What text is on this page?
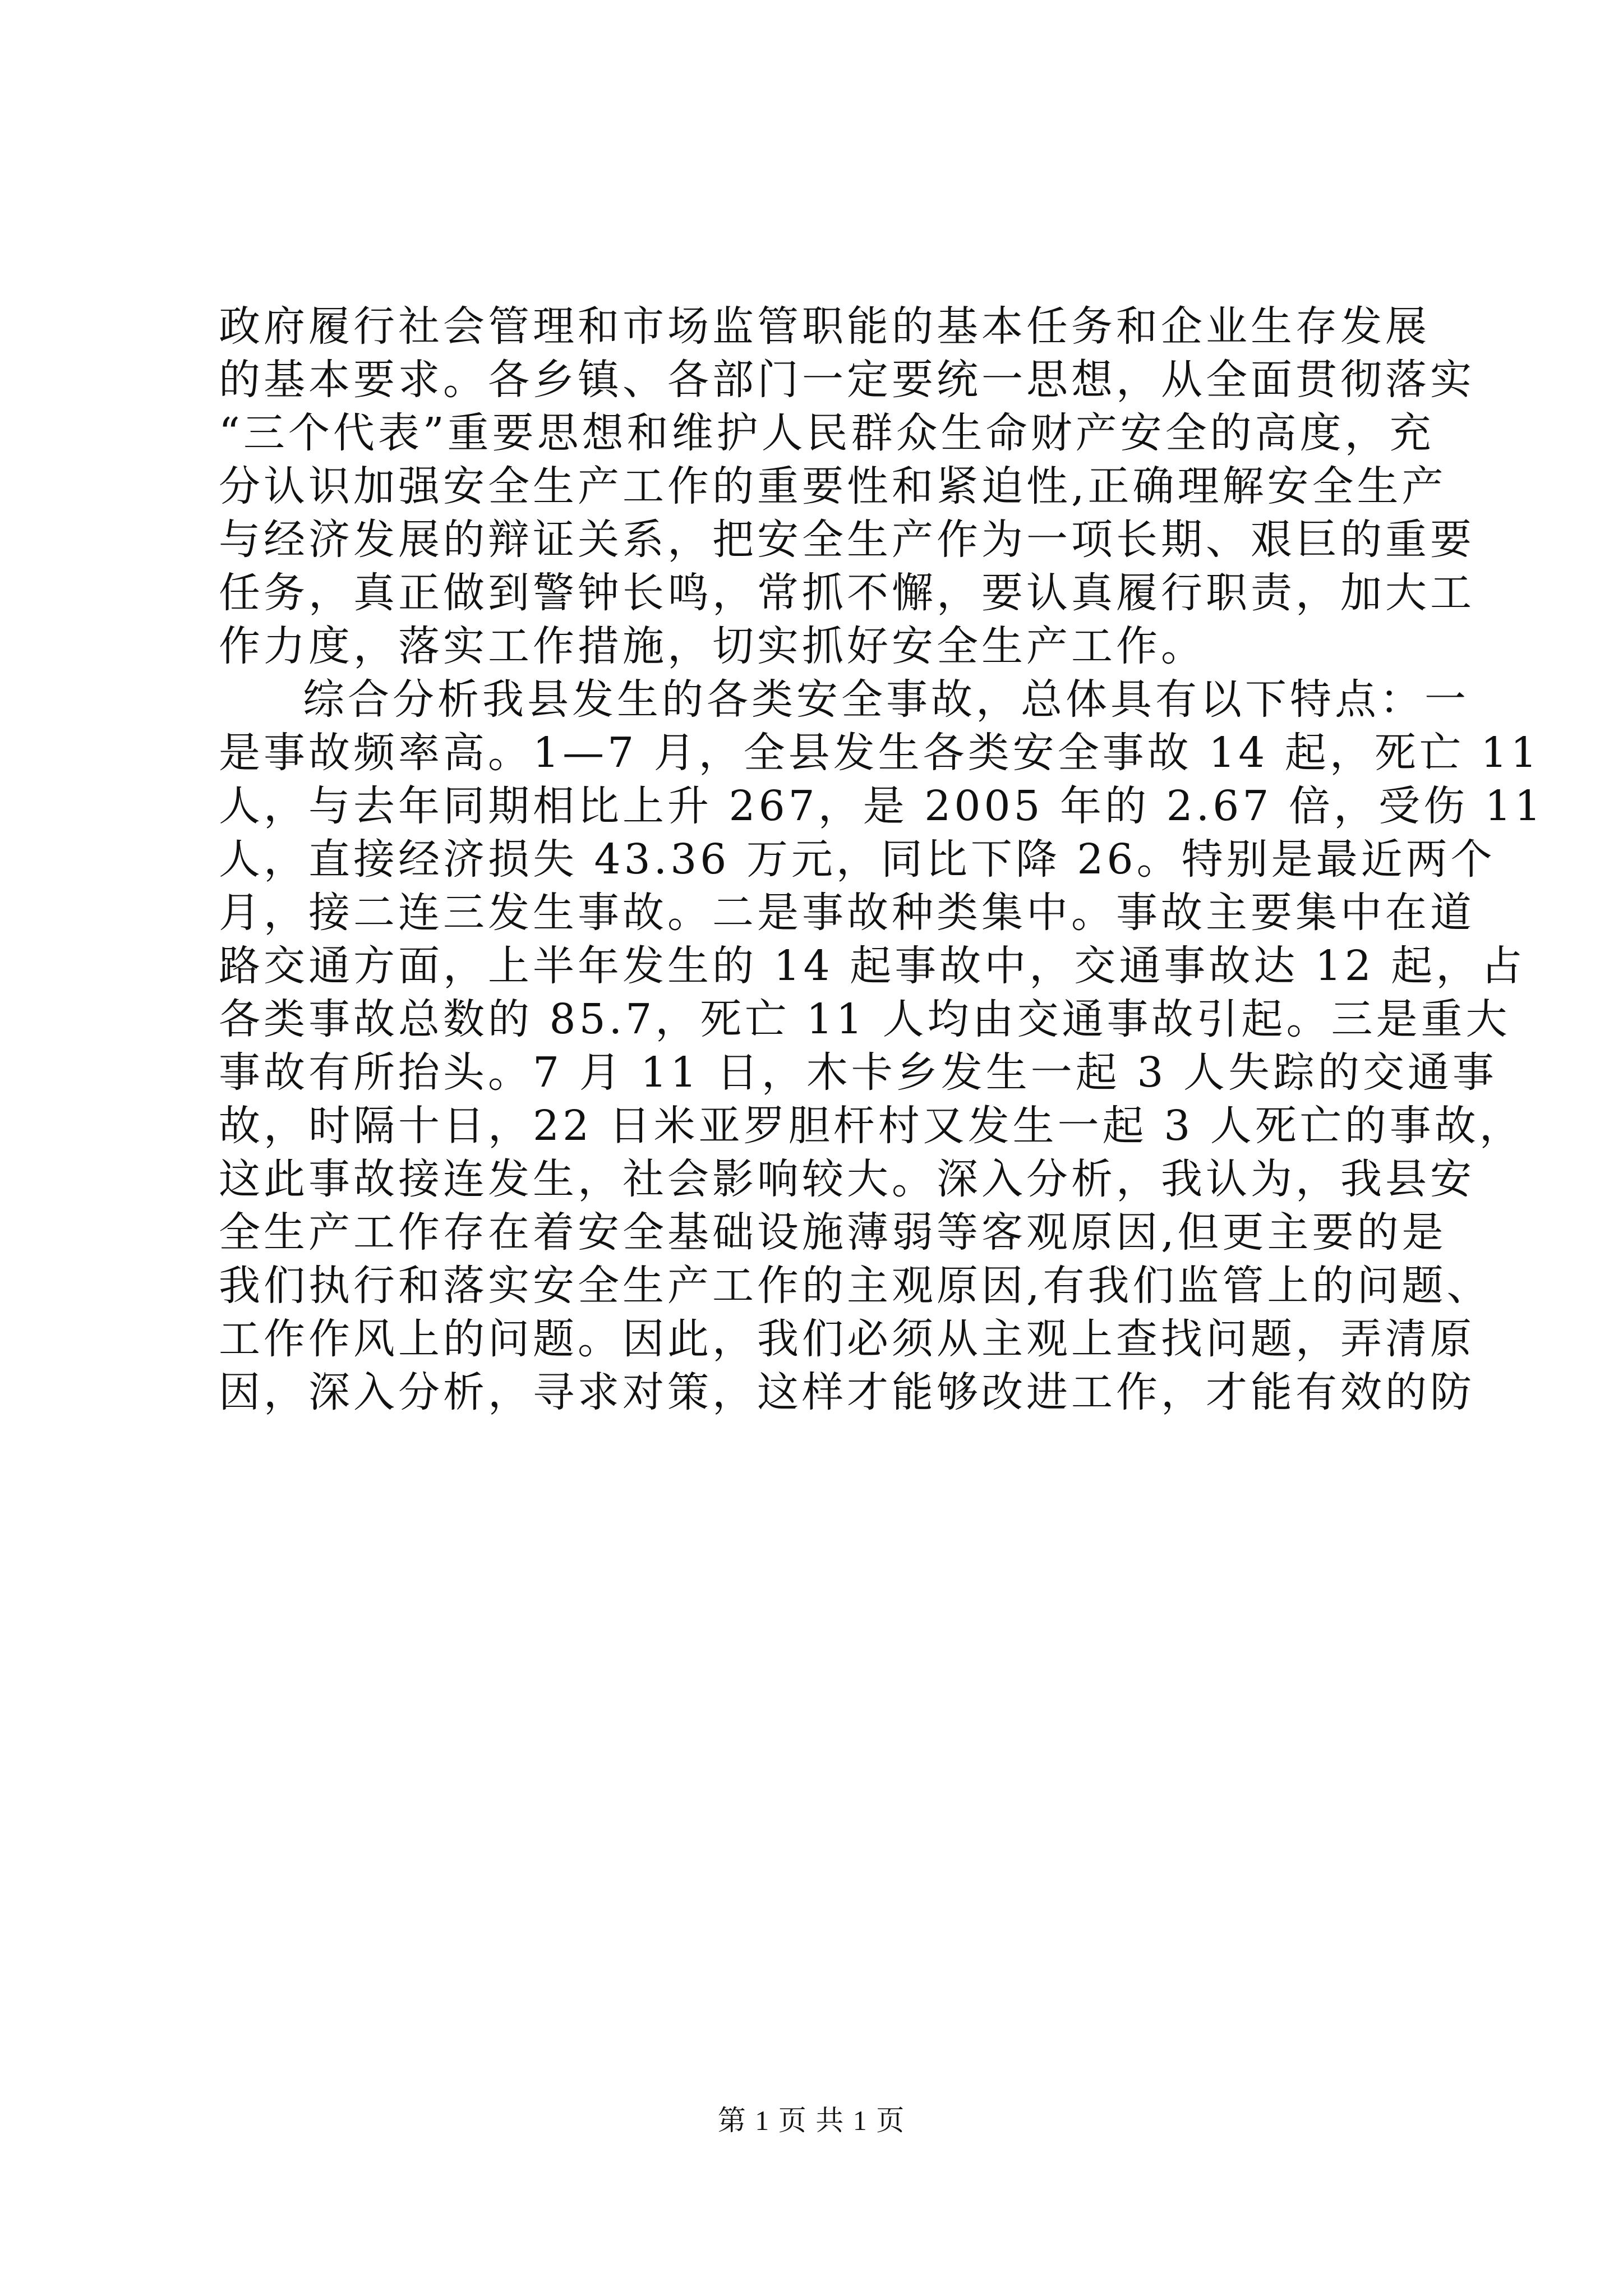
政府履行社会管理和市场监管职能的基本任务和企业生存发展
的基本要求。各乡镇、各部门一定要统一思想，从全面贯彻落实
“三个代表”重要思想和维护人民群众生命财产安全的高度，充
分认识加强安全生产工作的重要性和紧迫性,正确理解安全生产
与经济发展的辩证关系，把安全生产作为一项长期、艰巨的重要
任务，真正做到警钟长鸣，常抓不懈，要认真履行职责，加大工
作力度，落实工作措施，切实抓好安全生产工作。
综合分析我县发生的各类安全事故，总体具有以下特点：一
是事故频率高。1—7 月，全县发生各类安全事故 14 起，死亡 11
人，与去年同期相比上升 267，是 2005 年的 2.67 倍，受伤 11
人，直接经济损失 43.36 万元，同比下降 26。特别是最近两个
月，接二连三发生事故。二是事故种类集中。事故主要集中在道
路交通方面，上半年发生的 14 起事故中，交通事故达 12 起，占
各类事故总数的 85.7，死亡 11 人均由交通事故引起。三是重大
事故有所抬头。7 月 11 日，木卡乡发生一起 3 人失踪的交通事
故，时隔十日，22 日米亚罗胆杆村又发生一起 3 人死亡的事故，
这此事故接连发生，社会影响较大。深入分析，我认为，我县安
全生产工作存在着安全基础设施薄弱等客观原因,但更主要的是
我们执行和落实安全生产工作的主观原因,有我们监管上的问题、
工作作风上的问题。因此，我们必须从主观上查找问题，弄清原
因，深入分析，寻求对策，这样才能够改进工作，才能有效的防
第 1 页 共 1 页
